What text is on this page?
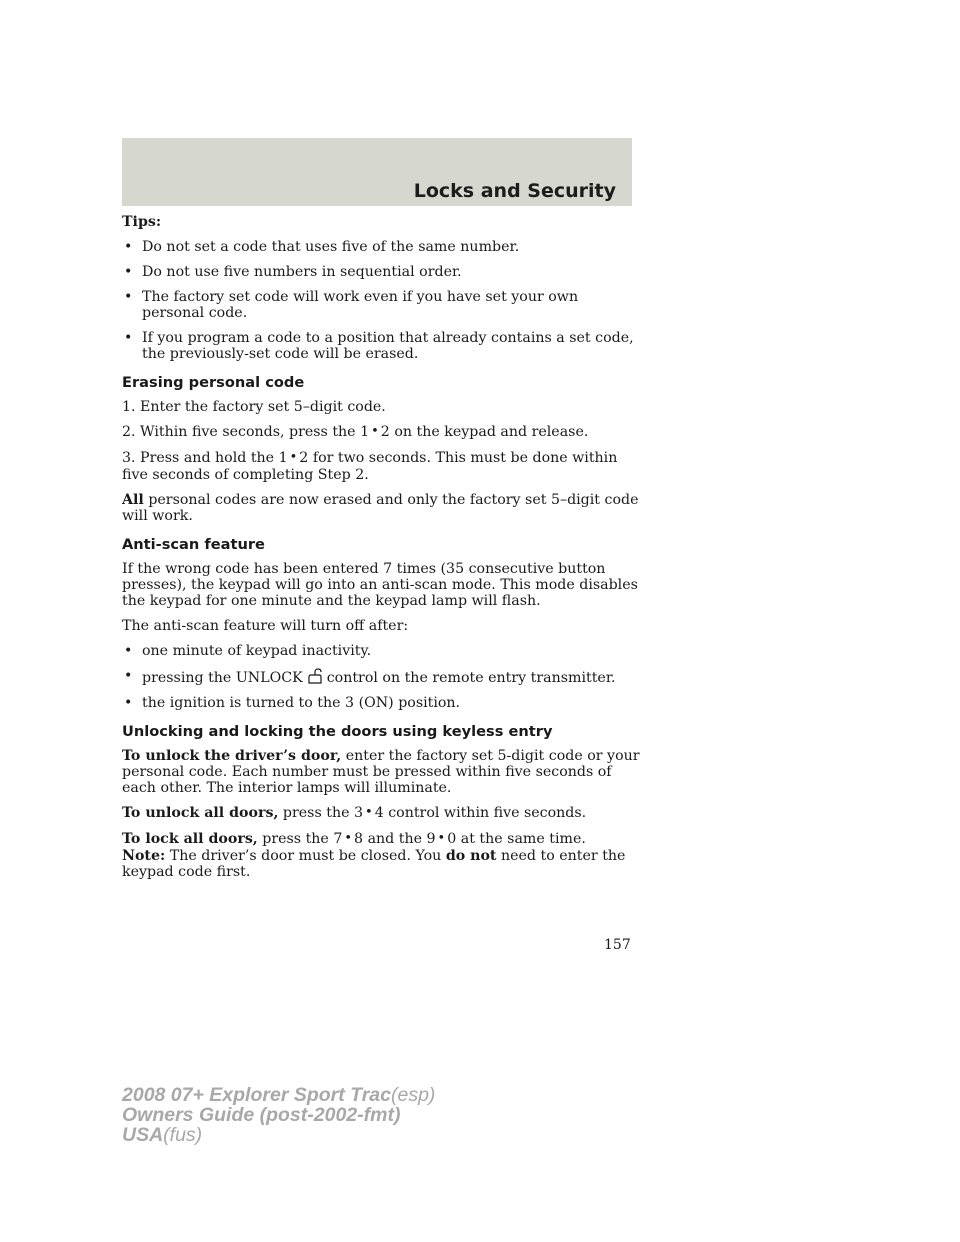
Locks and Security

Tips:

• Do not set a code that uses five of the same number.
• Do not use five numbers in sequential order.
• The factory set code will work even if you have set your own personal code.
• If you program a code to a position that already contains a set code, the previously-set code will be erased.
Erasing personal code

1. Enter the factory set 5–digit code.

2. Within five seconds, press the 1 • 2 on the keypad and release.

3. Press and hold the 1 • 2 for two seconds. This must be done within five seconds of completing Step 2.

All personal codes are now erased and only the factory set 5–digit code will work.

Anti-scan feature

If the wrong code has been entered 7 times (35 consecutive button presses), the keypad will go into an anti-scan mode. This mode disables the keypad for one minute and the keypad lamp will flash.

The anti-scan feature will turn off after:

• one minute of keypad inactivity.
• pressing the UNLOCK control on the remote entry transmitter.
• the ignition is turned to the 3 (ON) position.
Unlocking and locking the doors using keyless entry

To unlock the driver’s door, enter the factory set 5-digit code or your personal code. Each number must be pressed within five seconds of each other. The interior lamps will illuminate.

To unlock all doors, press the 3 • 4 control within five seconds.

To lock all doors, press the 7 • 8 and the 9 • 0 at the same time.
Note: The driver’s door must be closed. You do not need to enter the keypad code first.

157
2008 07+ Explorer Sport Trac(esp)
Owners Guide (post-2002-fmt)
USA(fus)
